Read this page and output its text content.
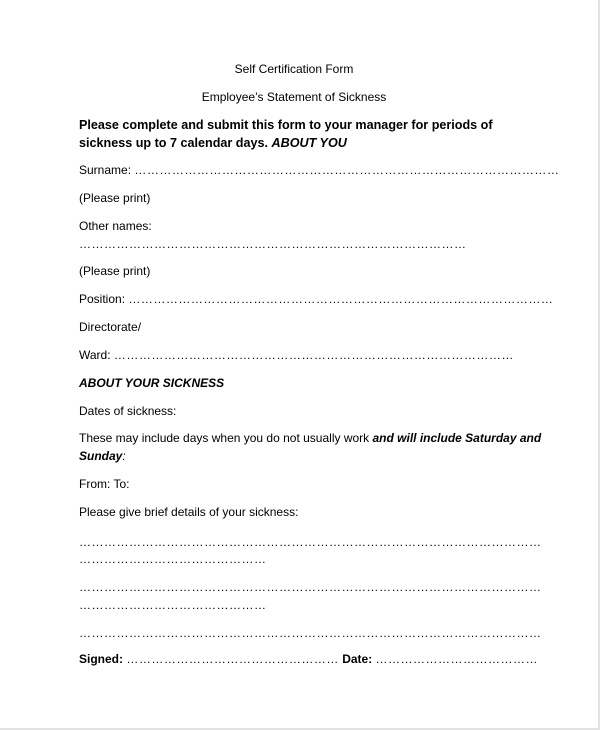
Self Certification Form
Employee’s Statement of Sickness
Please complete and submit this form to your manager for periods of sickness up to 7 calendar days. ABOUT YOU
Surname: …………………………………………………………………………………………
(Please print)
Other names:
…………………………………………………………………………………
(Please print)
Position: …………………………………………………………………………………………
Directorate/
Ward: ……………………………………………………………………………………
ABOUT YOUR SICKNESS
Dates of sickness:
These may include days when you do not usually work and will include Saturday and Sunday:
From: To:
Please give brief details of your sickness:
…………………………………………………………………………………………………
………………………………………
…………………………………………………………………………………………………
………………………………………
…………………………………………………………………………………………………
Signed: …………………………………………… Date: …………………………………
